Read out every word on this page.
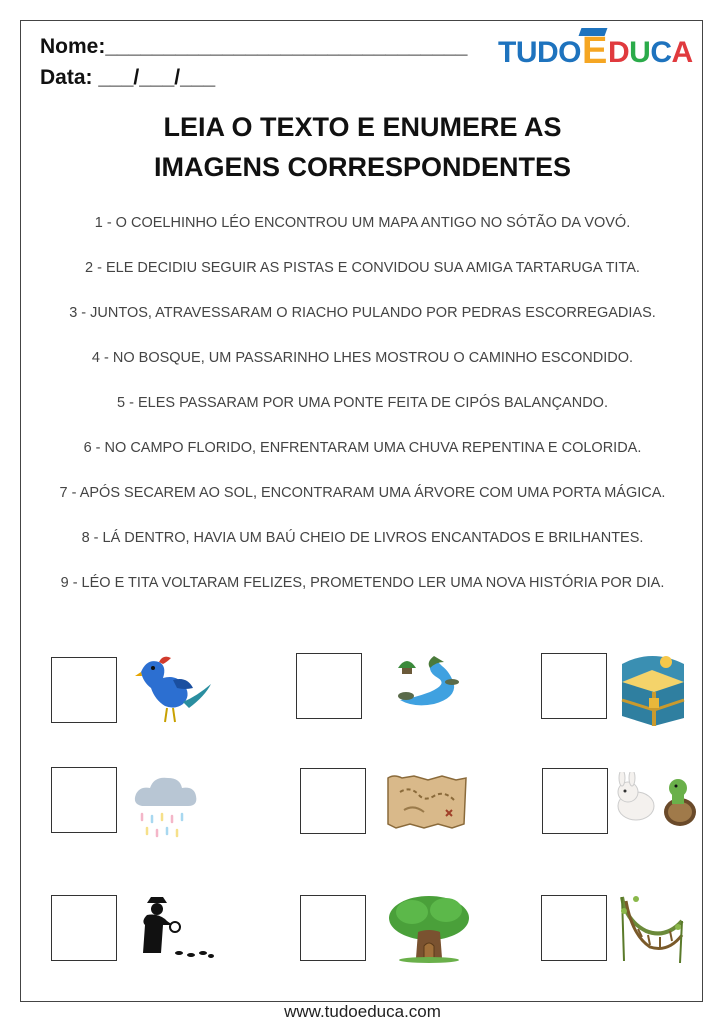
Nome:_______________________________
Data: ___/___/___
TUDO E DUCA
LEIA O TEXTO E ENUMERE AS
IMAGENS CORRESPONDENTES
1 - O COELHINHO LÉO ENCONTROU UM MAPA ANTIGO NO SÓTÃO DA VOVÓ.
2 - ELE DECIDIU SEGUIR AS PISTAS E CONVIDOU SUA AMIGA TARTARUGA TITA.
3 - JUNTOS, ATRAVESSARAM O RIACHO PULANDO POR PEDRAS ESCORREGADIAS.
4 - NO BOSQUE, UM PASSARINHO LHES MOSTROU O CAMINHO ESCONDIDO.
5 - ELES PASSARAM POR UMA PONTE FEITA DE CIPÓS BALANÇANDO.
6 - NO CAMPO FLORIDO, ENFRENTARAM UMA CHUVA REPENTINA E COLORIDA.
7 - APÓS SECAREM AO SOL, ENCONTRARAM UMA ÁRVORE COM UMA PORTA MÁGICA.
8 - LÁ DENTRO, HAVIA UM BAÚ CHEIO DE LIVROS ENCANTADOS E BRILHANTES.
9 - LÉO E TITA VOLTARAM FELIZES, PROMETENDO LER UMA NOVA HISTÓRIA POR DIA.
www.tudoeduca.com
